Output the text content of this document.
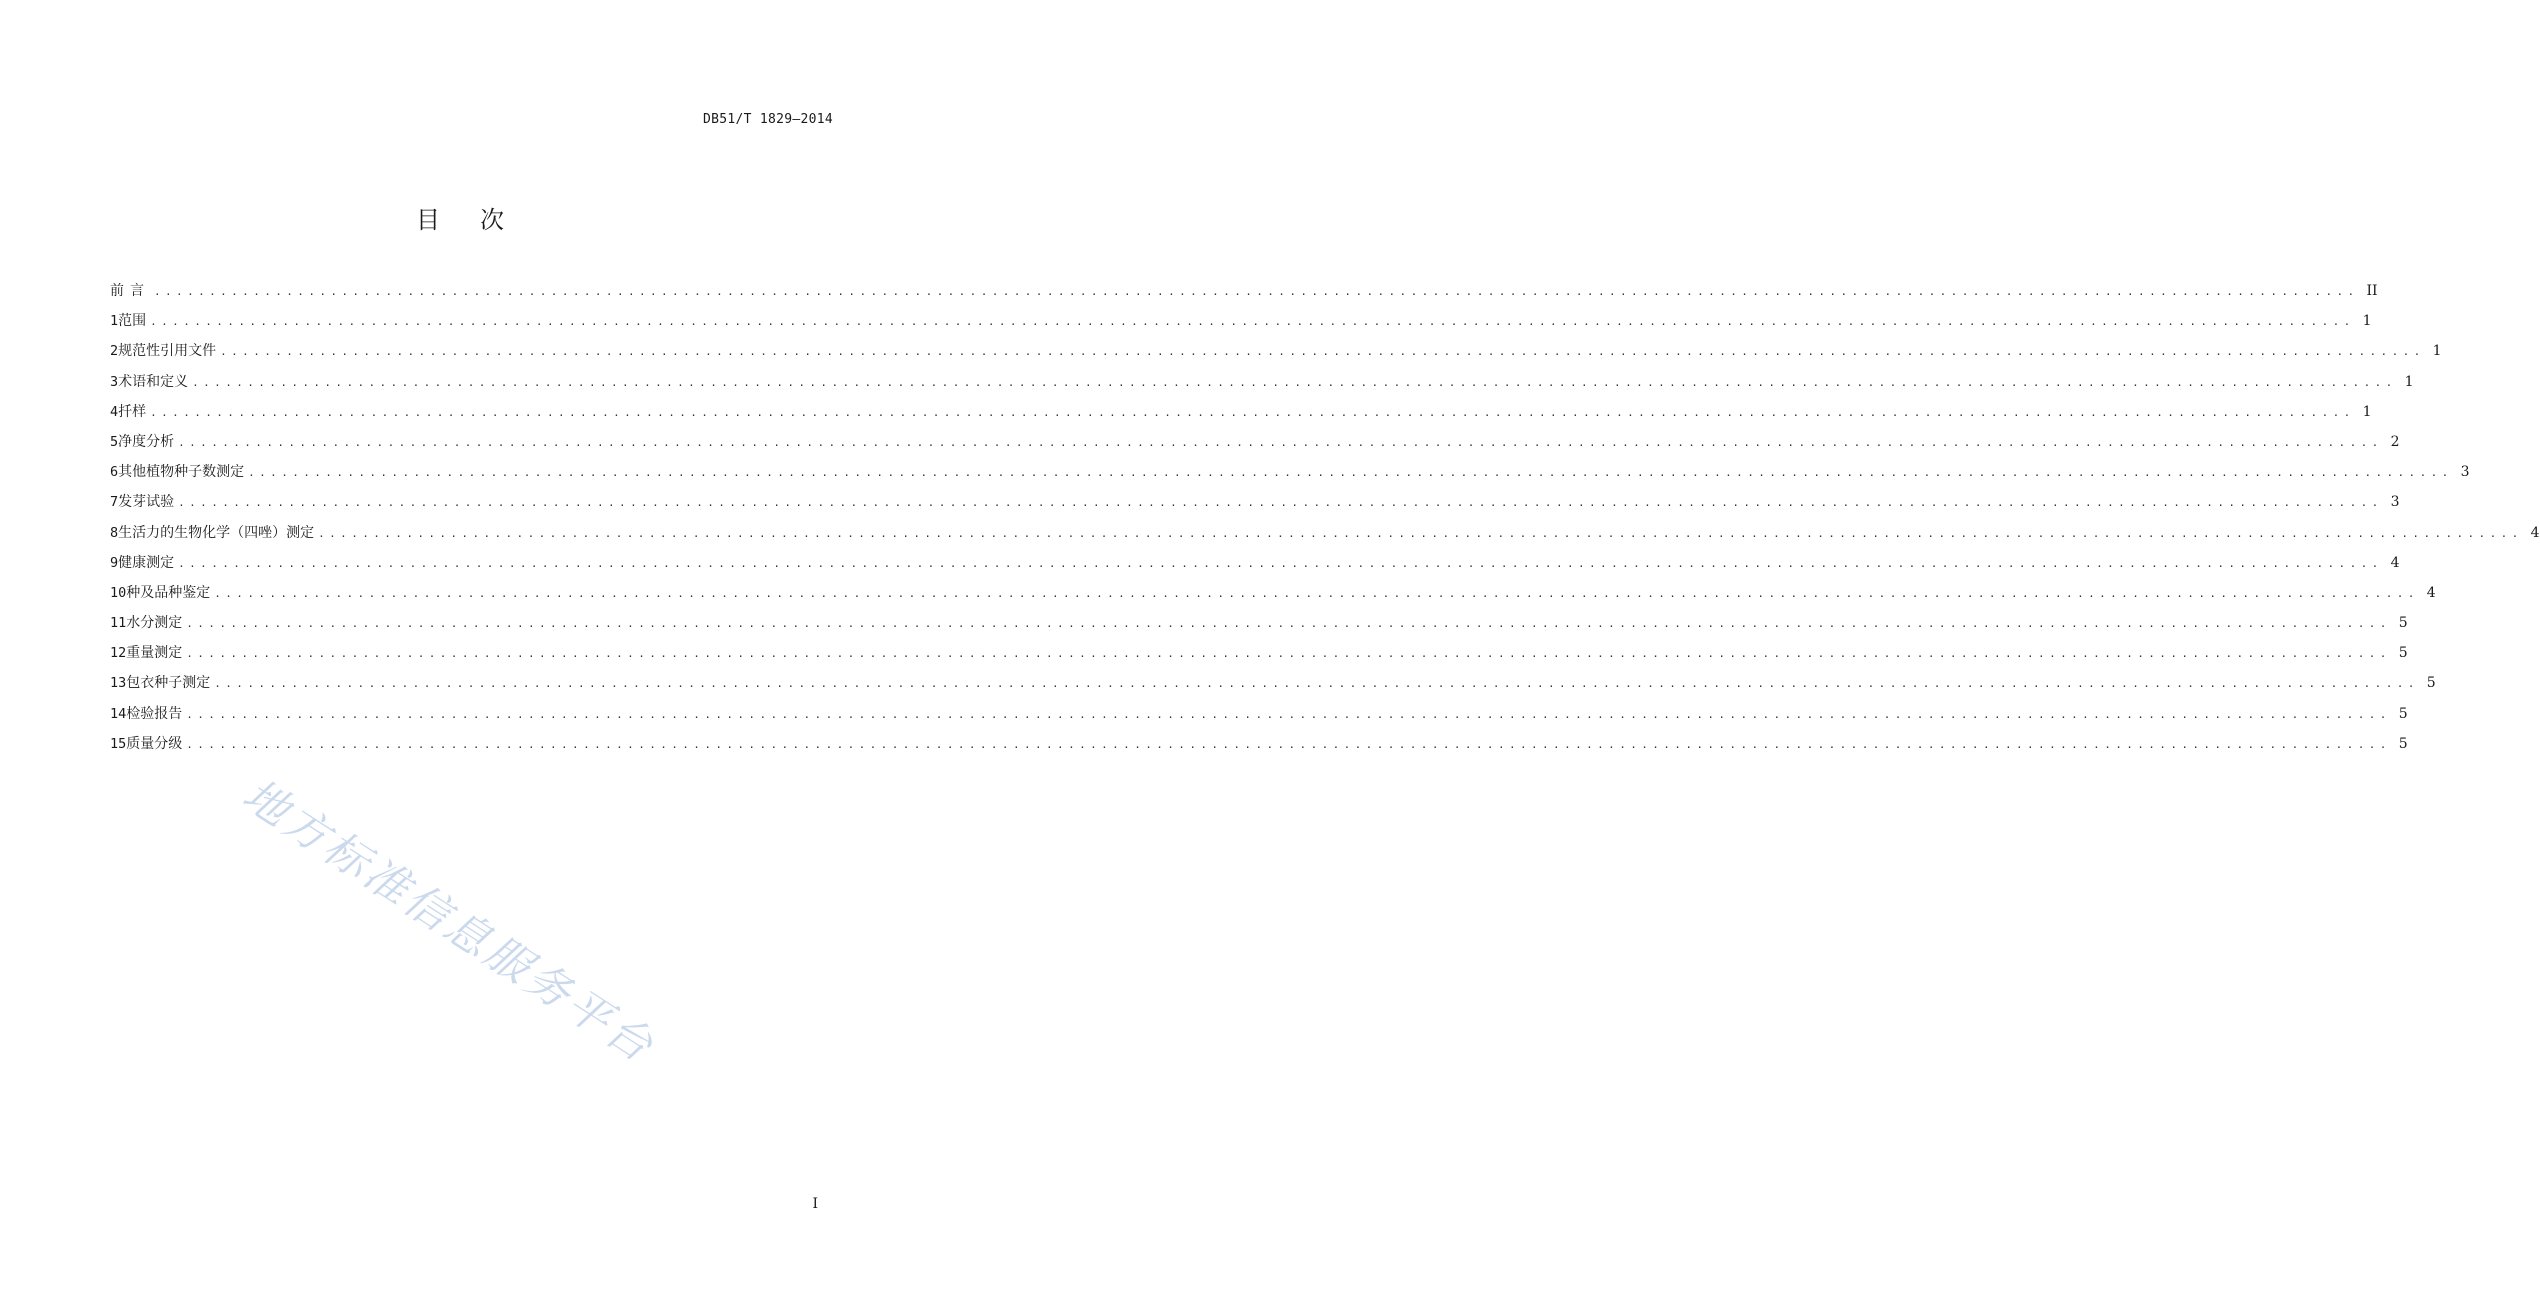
DB51/T 1829—2014
目 次
前言 ........................................................................................................................................................................................................ II
1 范围 ........................................................................................................................................................................................................ 1
2 规范性引用文件 ........................................................................................................................................................................................................ 1
3 术语和定义 ........................................................................................................................................................................................................ 1
4 扦样 ........................................................................................................................................................................................................ 1
5 净度分析 ........................................................................................................................................................................................................ 2
6 其他植物种子数测定 ........................................................................................................................................................................................................ 3
7 发芽试验 ........................................................................................................................................................................................................ 3
8 生活力的生物化学（四唑）测定 ........................................................................................................................................................................................................ 4
9 健康测定 ........................................................................................................................................................................................................ 4
10 种及品种鉴定 ........................................................................................................................................................................................................ 4
11 水分测定 ........................................................................................................................................................................................................ 5
12 重量测定 ........................................................................................................................................................................................................ 5
13 包衣种子测定 ........................................................................................................................................................................................................ 5
14 检验报告 ........................................................................................................................................................................................................ 5
15 质量分级 ........................................................................................................................................................................................................ 5
地方标准信息服务平台
I
